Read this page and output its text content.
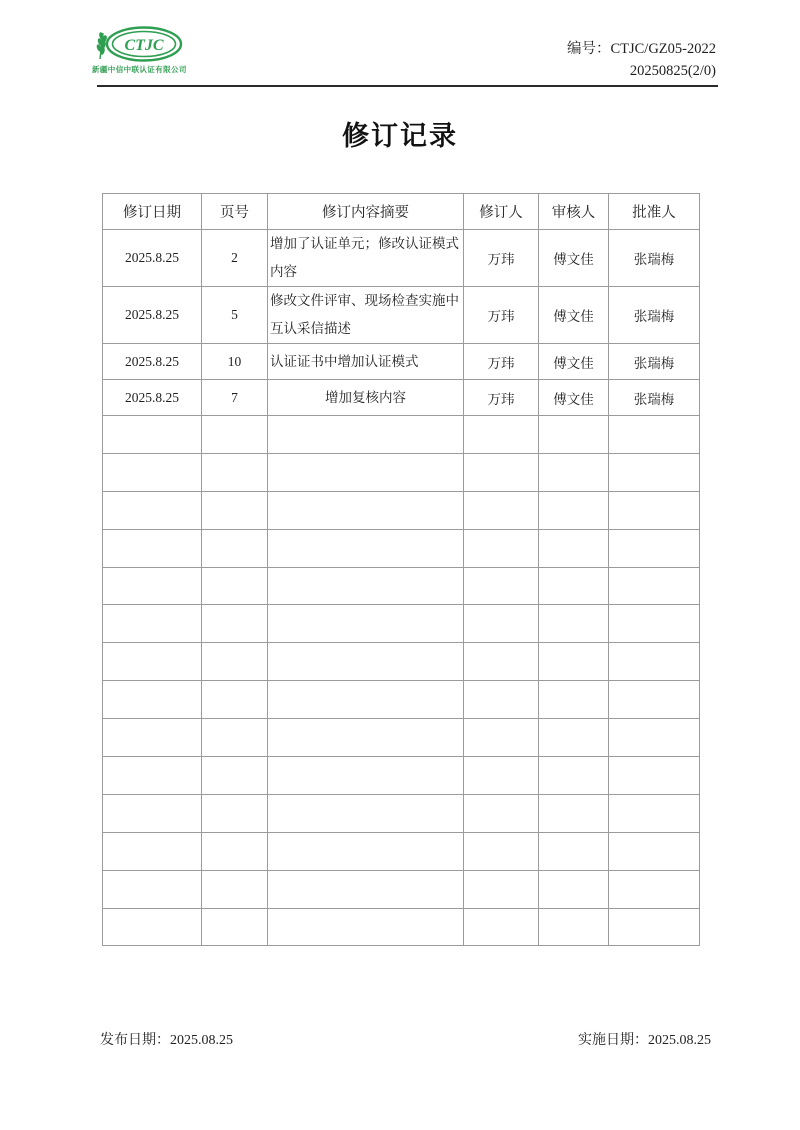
CTJC
新疆中信中联认证有限公司
编号：CTJC/GZ05-2022
20250825(2/0)
修订记录
修订日期	页号	修订内容摘要	修订人	审核人	批准人
2025.8.25	2	增加了认证单元；修改认证模式内容	万玮	傅文佳	张瑞梅
2025.8.25	5	修改文件评审、现场检查实施中互认采信描述	万玮	傅文佳	张瑞梅
2025.8.25	10	认证证书中增加认证模式	万玮	傅文佳	张瑞梅
2025.8.25	7	增加复核内容	万玮	傅文佳	张瑞梅

发布日期：2025.08.25	实施日期：2025.08.25
